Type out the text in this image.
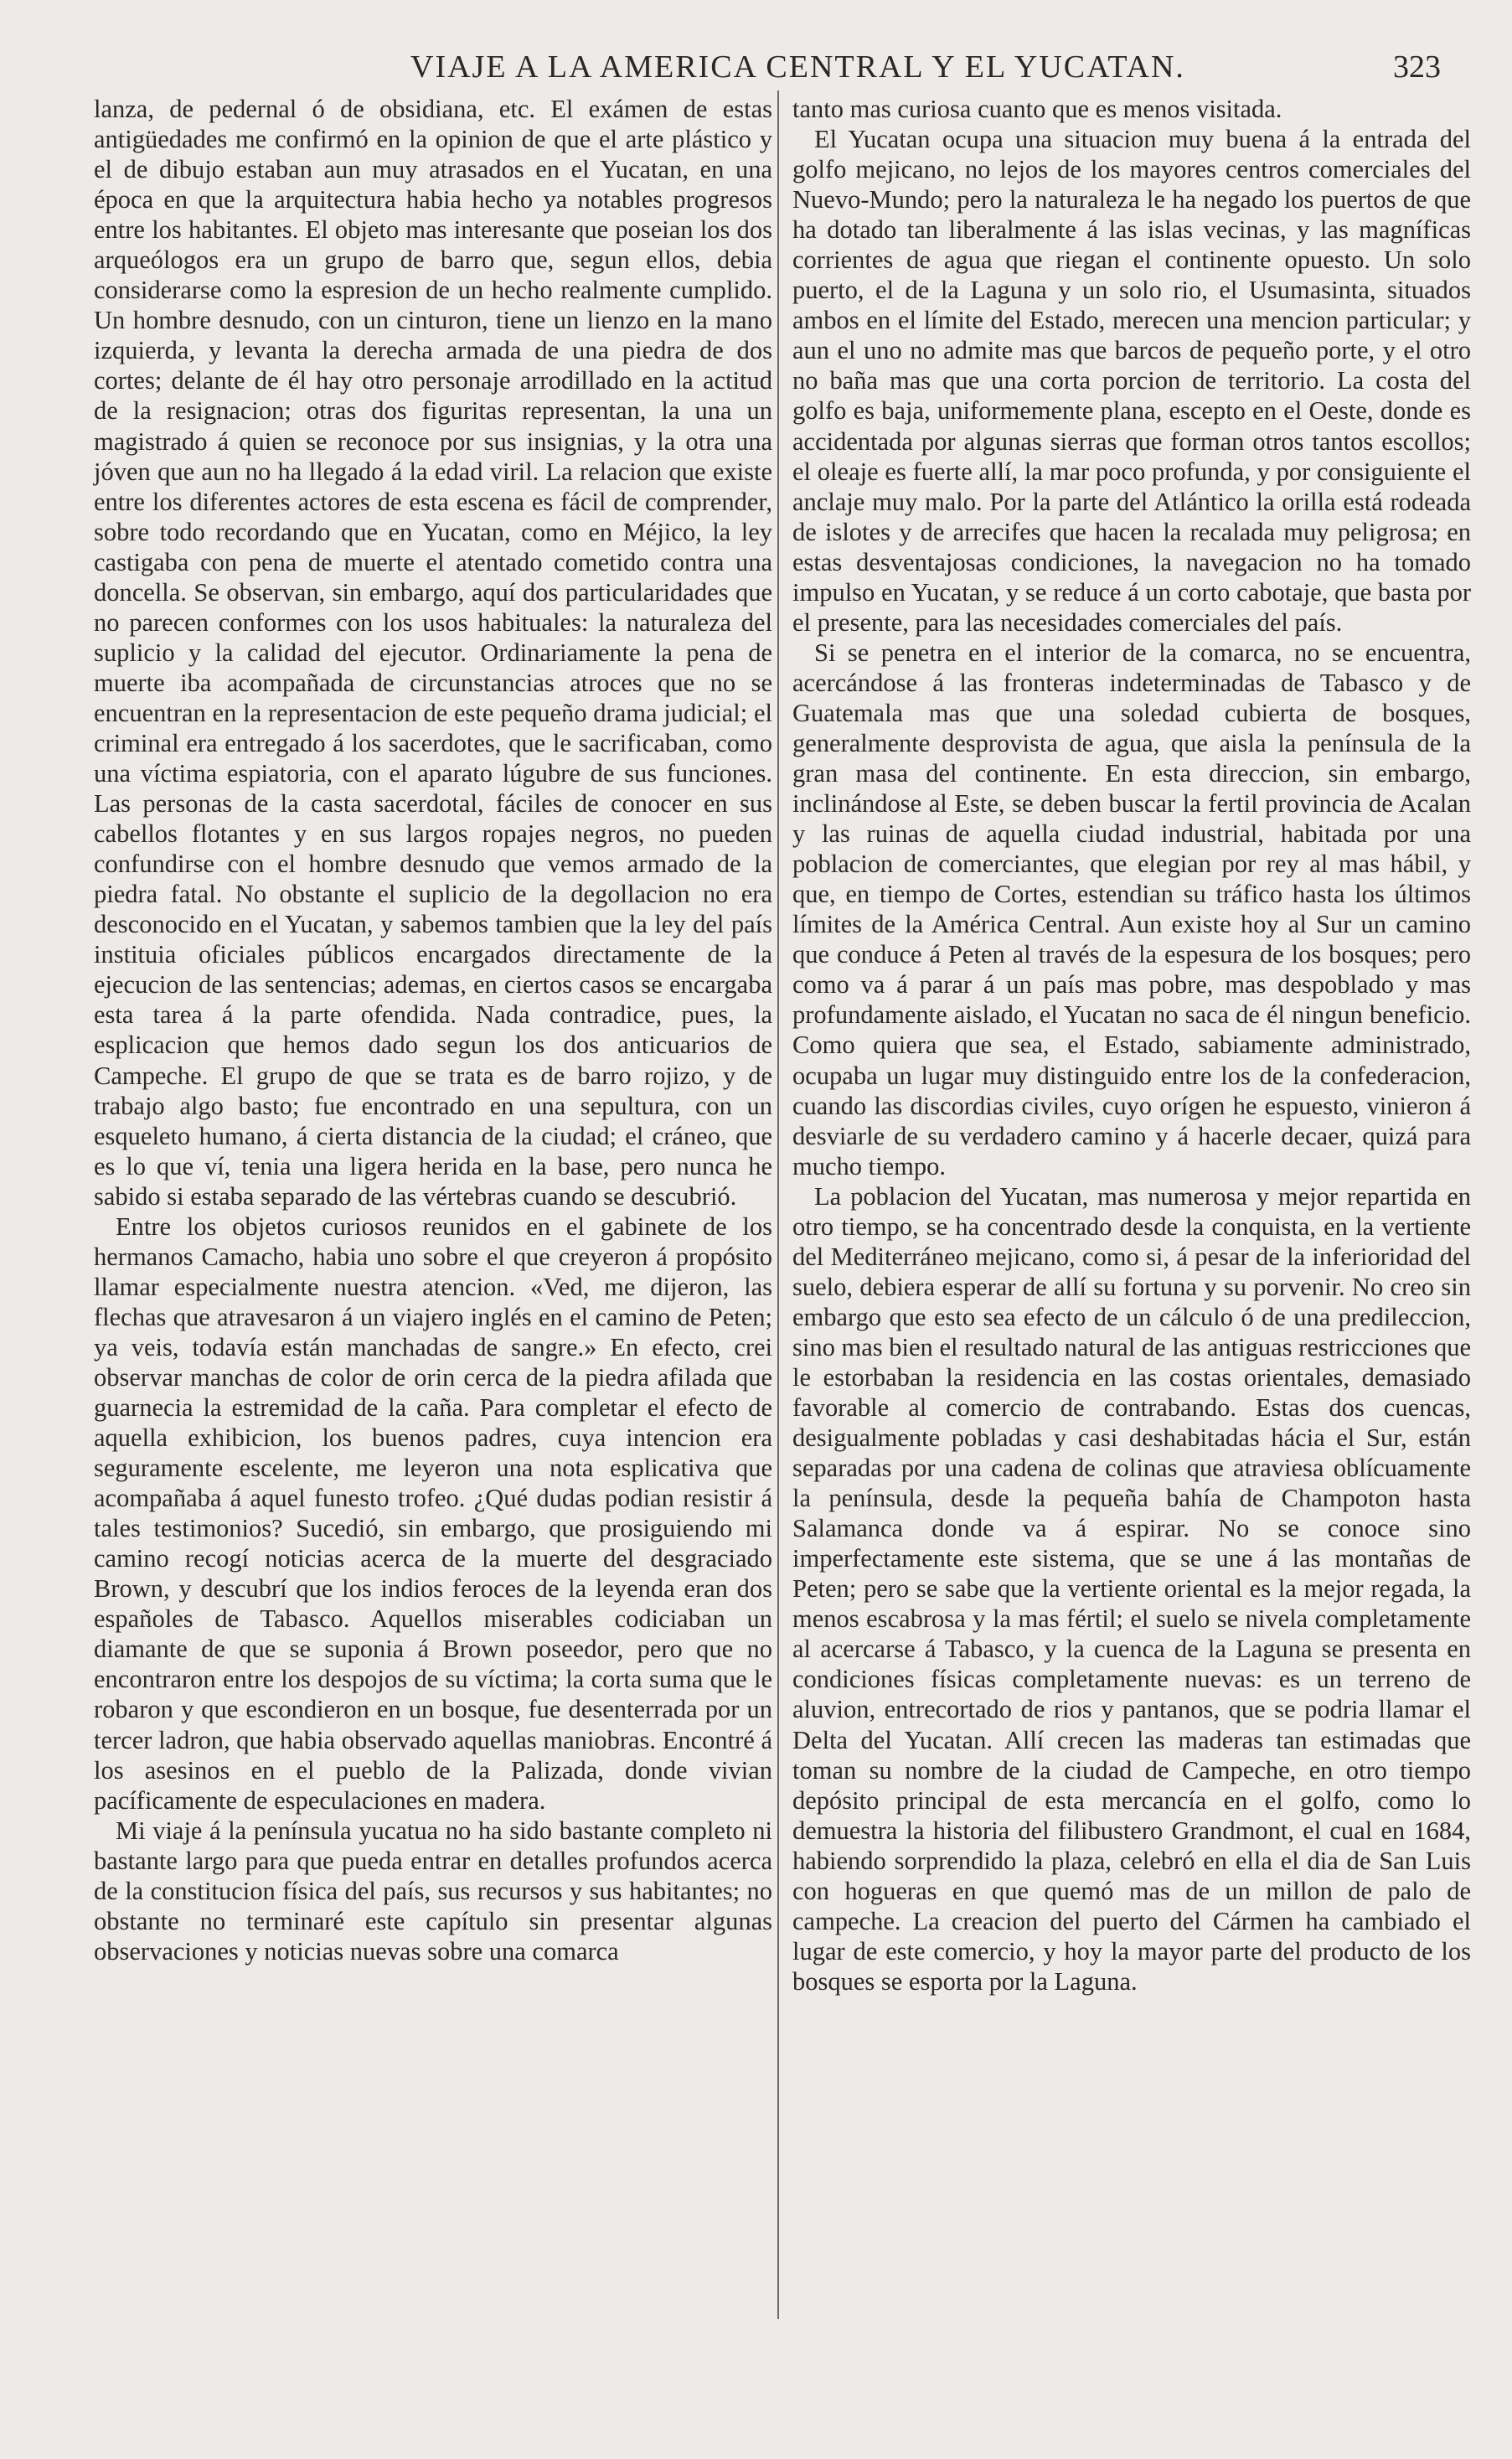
VIAJE A LA AMERICA CENTRAL Y EL YUCATAN.	323

lanza, de pedernal ó de obsidiana, etc. El exámen de estas antigüedades me confirmó en la opinion de que el arte plástico y el de dibujo estaban aun muy atrasados en el Yucatan, en una época en que la arquitectura habia hecho ya notables progresos entre los habitantes. El objeto mas interesante que poseian los dos arqueólogos era un grupo de barro que, segun ellos, debia considerarse como la espresion de un hecho realmente cumplido. Un hombre desnudo, con un cinturon, tiene un lienzo en la mano izquierda, y levanta la derecha armada de una piedra de dos cortes; delante de él hay otro personaje arrodillado en la actitud de la resignacion; otras dos figuritas representan, la una un magistrado á quien se reconoce por sus insignias, y la otra una jóven que aun no ha llegado á la edad viril. La relacion que existe entre los diferentes actores de esta escena es fácil de comprender, sobre todo recordando que en Yucatan, como en Méjico, la ley castigaba con pena de muerte el atentado cometido contra una doncella. Se observan, sin embargo, aquí dos particularidades que no parecen conformes con los usos habituales: la naturaleza del suplicio y la calidad del ejecutor. Ordinariamente la pena de muerte iba acompañada de circunstancias atroces que no se encuentran en la representacion de este pequeño drama judicial; el criminal era entregado á los sacerdotes, que le sacrificaban, como una víctima espiatoria, con el aparato lúgubre de sus funciones. Las personas de la casta sacerdotal, fáciles de conocer en sus cabellos flotantes y en sus largos ropajes negros, no pueden confundirse con el hombre desnudo que vemos armado de la piedra fatal. No obstante el suplicio de la degollacion no era desconocido en el Yucatan, y sabemos tambien que la ley del país instituia oficiales públicos encargados directamente de la ejecucion de las sentencias; ademas, en ciertos casos se encargaba esta tarea á la parte ofendida. Nada contradice, pues, la esplicacion que hemos dado segun los dos anticuarios de Campeche. El grupo de que se trata es de barro rojizo, y de trabajo algo basto; fue encontrado en una sepultura, con un esqueleto humano, á cierta distancia de la ciudad; el cráneo, que es lo que ví, tenia una ligera herida en la base, pero nunca he sabido si estaba separado de las vértebras cuando se descubrió.

Entre los objetos curiosos reunidos en el gabinete de los hermanos Camacho, habia uno sobre el que creyeron á propósito llamar especialmente nuestra atencion. «Ved, me dijeron, las flechas que atravesaron á un viajero inglés en el camino de Peten; ya veis, todavía están manchadas de sangre.» En efecto, crei observar manchas de color de orin cerca de la piedra afilada que guarnecia la estremidad de la caña. Para completar el efecto de aquella exhibicion, los buenos padres, cuya intencion era seguramente escelente, me leyeron una nota esplicativa que acompañaba á aquel funesto trofeo. ¿Qué dudas podian resistir á tales testimonios? Sucedió, sin embargo, que prosiguiendo mi camino recogí noticias acerca de la muerte del desgraciado Brown, y descubrí que los indios feroces de la leyenda eran dos españoles de Tabasco. Aquellos miserables codiciaban un diamante de que se suponia á Brown poseedor, pero que no encontraron entre los despojos de su víctima; la corta suma que le robaron y que escondieron en un bosque, fue desenterrada por un tercer ladron, que habia observado aquellas maniobras. Encontré á los asesinos en el pueblo de la Palizada, donde vivian pacíficamente de especulaciones en madera.

Mi viaje á la península yucatua no ha sido bastante completo ni bastante largo para que pueda entrar en detalles profundos acerca de la constitucion física del país, sus recursos y sus habitantes; no obstante no terminaré este capítulo sin presentar algunas observaciones y noticias nuevas sobre una comarca

tanto mas curiosa cuanto que es menos visitada.

El Yucatan ocupa una situacion muy buena á la entrada del golfo mejicano, no lejos de los mayores centros comerciales del Nuevo-Mundo; pero la naturaleza le ha negado los puertos de que ha dotado tan liberalmente á las islas vecinas, y las magníficas corrientes de agua que riegan el continente opuesto. Un solo puerto, el de la Laguna y un solo rio, el Usumasinta, situados ambos en el límite del Estado, merecen una mencion particular; y aun el uno no admite mas que barcos de pequeño porte, y el otro no baña mas que una corta porcion de territorio. La costa del golfo es baja, uniformemente plana, escepto en el Oeste, donde es accidentada por algunas sierras que forman otros tantos escollos; el oleaje es fuerte allí, la mar poco profunda, y por consiguiente el anclaje muy malo. Por la parte del Atlántico la orilla está rodeada de islotes y de arrecifes que hacen la recalada muy peligrosa; en estas desventajosas condiciones, la navegacion no ha tomado impulso en Yucatan, y se reduce á un corto cabotaje, que basta por el presente, para las necesidades comerciales del país.

Si se penetra en el interior de la comarca, no se encuentra, acercándose á las fronteras indeterminadas de Tabasco y de Guatemala mas que una soledad cubierta de bosques, generalmente desprovista de agua, que aisla la península de la gran masa del continente. En esta direccion, sin embargo, inclinándose al Este, se deben buscar la fertil provincia de Acalan y las ruinas de aquella ciudad industrial, habitada por una poblacion de comerciantes, que elegian por rey al mas hábil, y que, en tiempo de Cortes, estendian su tráfico hasta los últimos límites de la América Central. Aun existe hoy al Sur un camino que conduce á Peten al través de la espesura de los bosques; pero como va á parar á un país mas pobre, mas despoblado y mas profundamente aislado, el Yucatan no saca de él ningun beneficio. Como quiera que sea, el Estado, sabiamente administrado, ocupaba un lugar muy distinguido entre los de la confederacion, cuando las discordias civiles, cuyo orígen he espuesto, vinieron á desviarle de su verdadero camino y á hacerle decaer, quizá para mucho tiempo.

La poblacion del Yucatan, mas numerosa y mejor repartida en otro tiempo, se ha concentrado desde la conquista, en la vertiente del Mediterráneo mejicano, como si, á pesar de la inferioridad del suelo, debiera esperar de allí su fortuna y su porvenir. No creo sin embargo que esto sea efecto de un cálculo ó de una predileccion, sino mas bien el resultado natural de las antiguas restricciones que le estorbaban la residencia en las costas orientales, demasiado favorable al comercio de contrabando. Estas dos cuencas, desigualmente pobladas y casi deshabitadas hácia el Sur, están separadas por una cadena de colinas que atraviesa oblícuamente la península, desde la pequeña bahía de Champoton hasta Salamanca donde va á espirar. No se conoce sino imperfectamente este sistema, que se une á las montañas de Peten; pero se sabe que la vertiente oriental es la mejor regada, la menos escabrosa y la mas fértil; el suelo se nivela completamente al acercarse á Tabasco, y la cuenca de la Laguna se presenta en condiciones físicas completamente nuevas: es un terreno de aluvion, entrecortado de rios y pantanos, que se podria llamar el Delta del Yucatan. Allí crecen las maderas tan estimadas que toman su nombre de la ciudad de Campeche, en otro tiempo depósito principal de esta mercancía en el golfo, como lo demuestra la historia del filibustero Grandmont, el cual en 1684, habiendo sorprendido la plaza, celebró en ella el dia de San Luis con hogueras en que quemó mas de un millon de palo de campeche. La creacion del puerto del Cármen ha cambiado el lugar de este comercio, y hoy la mayor parte del producto de los bosques se esporta por la Laguna.
